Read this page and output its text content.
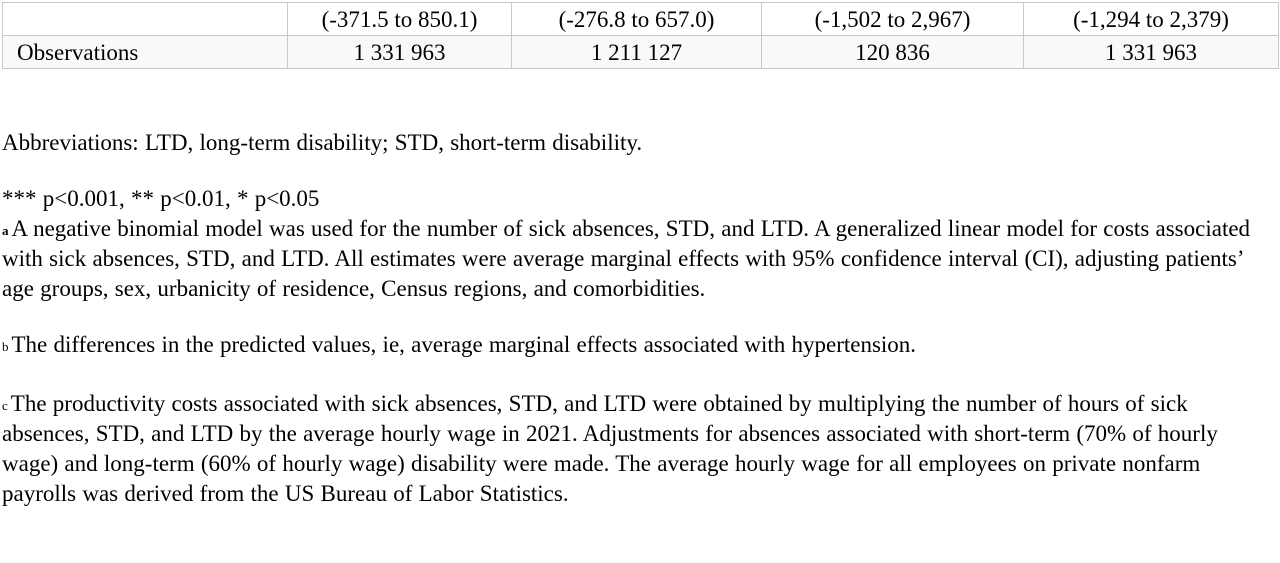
	(-371.5 to 850.1)	(-276.8 to 657.0)	(-1,502 to 2,967)	(-1,294 to 2,379)
Observations	1 331 963	1 211 127	120 836	1 331 963

Abbreviations: LTD, long-term disability; STD, short-term disability.

*** p<0.001, ** p<0.01, * p<0.05

$^a$ A negative binomial model was used for the number of sick absences, STD, and LTD. A generalized linear model for costs associated with sick absences, STD, and LTD. All estimates were average marginal effects with 95% confidence interval (CI), adjusting patients’ age groups, sex, urbanicity of residence, Census regions, and comorbidities.

$^b$ The differences in the predicted values, ie, average marginal effects associated with hypertension.

$^c$ The productivity costs associated with sick absences, STD, and LTD were obtained by multiplying the number of hours of sick absences, STD, and LTD by the average hourly wage in 2021. Adjustments for absences associated with short-term (70% of hourly wage) and long-term (60% of hourly wage) disability were made. The average hourly wage for all employees on private nonfarm payrolls was derived from the US Bureau of Labor Statistics.
